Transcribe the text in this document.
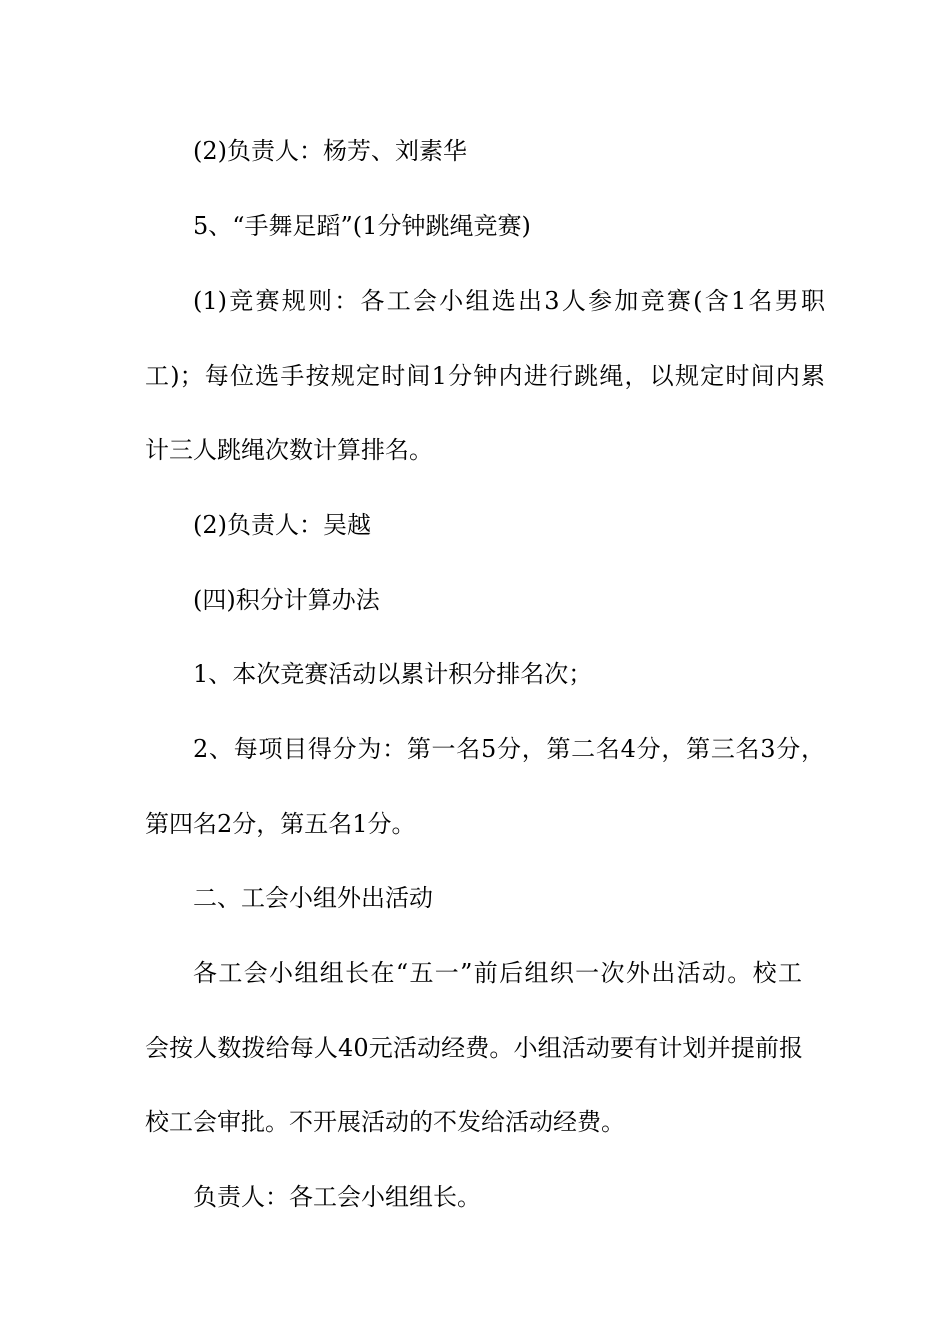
(2)负责人：杨芳、刘素华
5、“手舞足蹈”(1分钟跳绳竞赛)
(1)竞赛规则：各工会小组选出3人参加竞赛(含1名男职
工)；每位选手按规定时间1分钟内进行跳绳，以规定时间内累
计三人跳绳次数计算排名。
(2)负责人：吴越
(四)积分计算办法
1、本次竞赛活动以累计积分排名次；
2、每项目得分为：第一名5分，第二名4分，第三名3分，
第四名2分，第五名1分。
二、工会小组外出活动
各工会小组组长在“五一”前后组织一次外出活动。校工
会按人数拨给每人40元活动经费。小组活动要有计划并提前报
校工会审批。不开展活动的不发给活动经费。
负责人：各工会小组组长。
